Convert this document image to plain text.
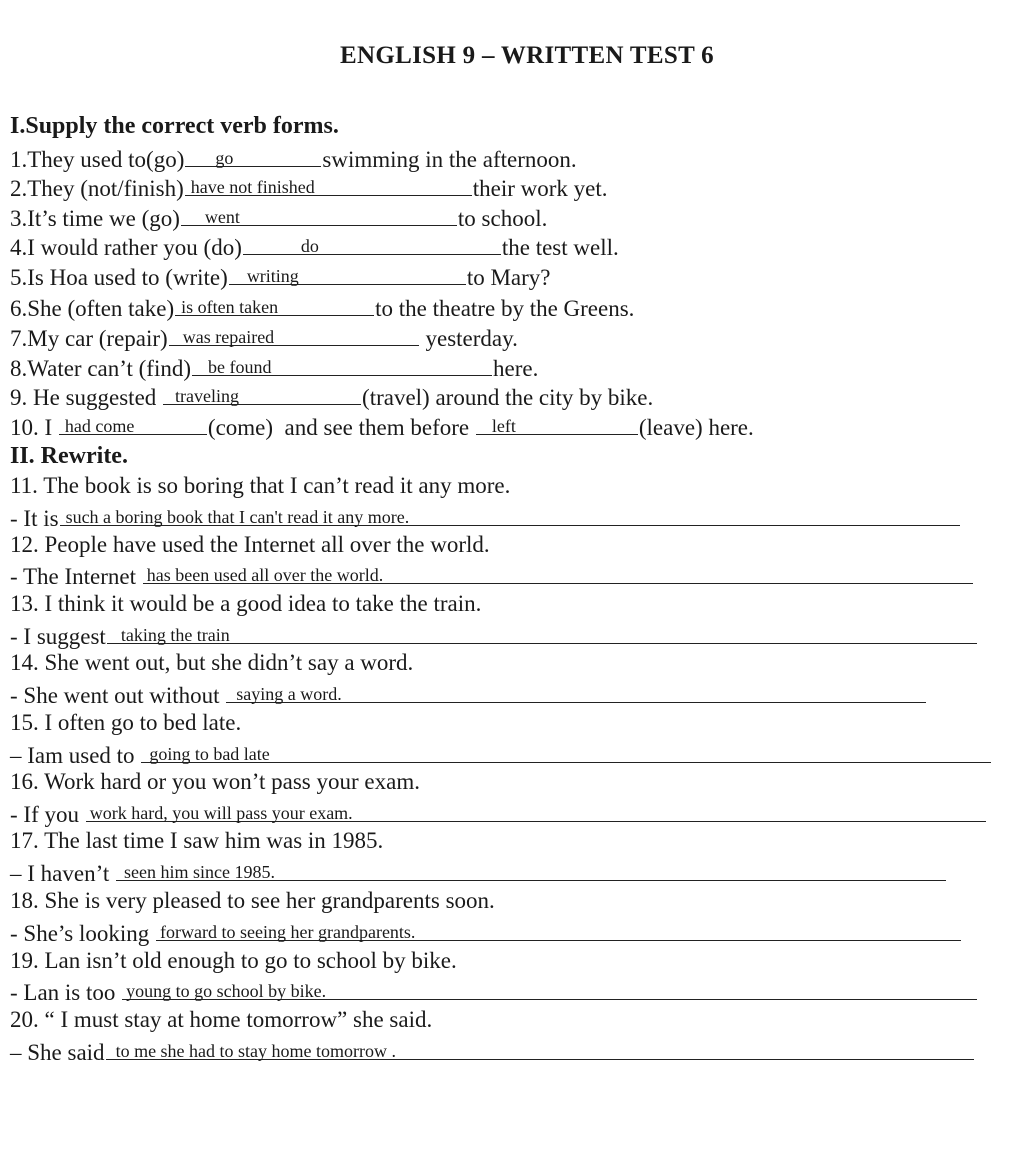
ENGLISH 9 – WRITTEN TEST 6
I.Supply the correct verb forms.
1.They used to(go) go	swimming in the afternoon.
2.They (not/finish) have not finished	their work yet.
3.It’s time we (go) went	to school.
4.I would rather you (do)	do	the test well.
5.Is Hoa used to (write) writing	to Mary?
6.She (often take) is often taken	to the theatre by the Greens.
7.My car (repair) was repaired	yesterday.
8.Water can’t (find) be found	here.
9. He suggested traveling	(travel) around the city by bike.
10. I had come	(come)  and see them before left	(leave) here.
II. Rewrite.
11. The book is so boring that I can’t read it any more.
- It is such a boring book that I can't read it any more.
12. People have used the Internet all over the world.
- The Internet has been used all over the world.
13. I think it would be a good idea to take the train.
- I suggest taking the train
14. She went out, but she didn’t say a word.
- She went out without saying a word.
15. I often go to bed late.
– Iam used to going to bad late
16. Work hard or you won’t pass your exam.
- If you work hard, you will pass your exam.
17. The last time I saw him was in 1985.
– I haven’t seen him since 1985.
18. She is very pleased to see her grandparents soon.
- She’s looking forward to seeing her grandparents.
19. Lan isn’t old enough to go to school by bike.
- Lan is too young to go school by bike.
20. “ I must stay at home tomorrow” she said.
– She said to me she had to stay home tomorrow .
